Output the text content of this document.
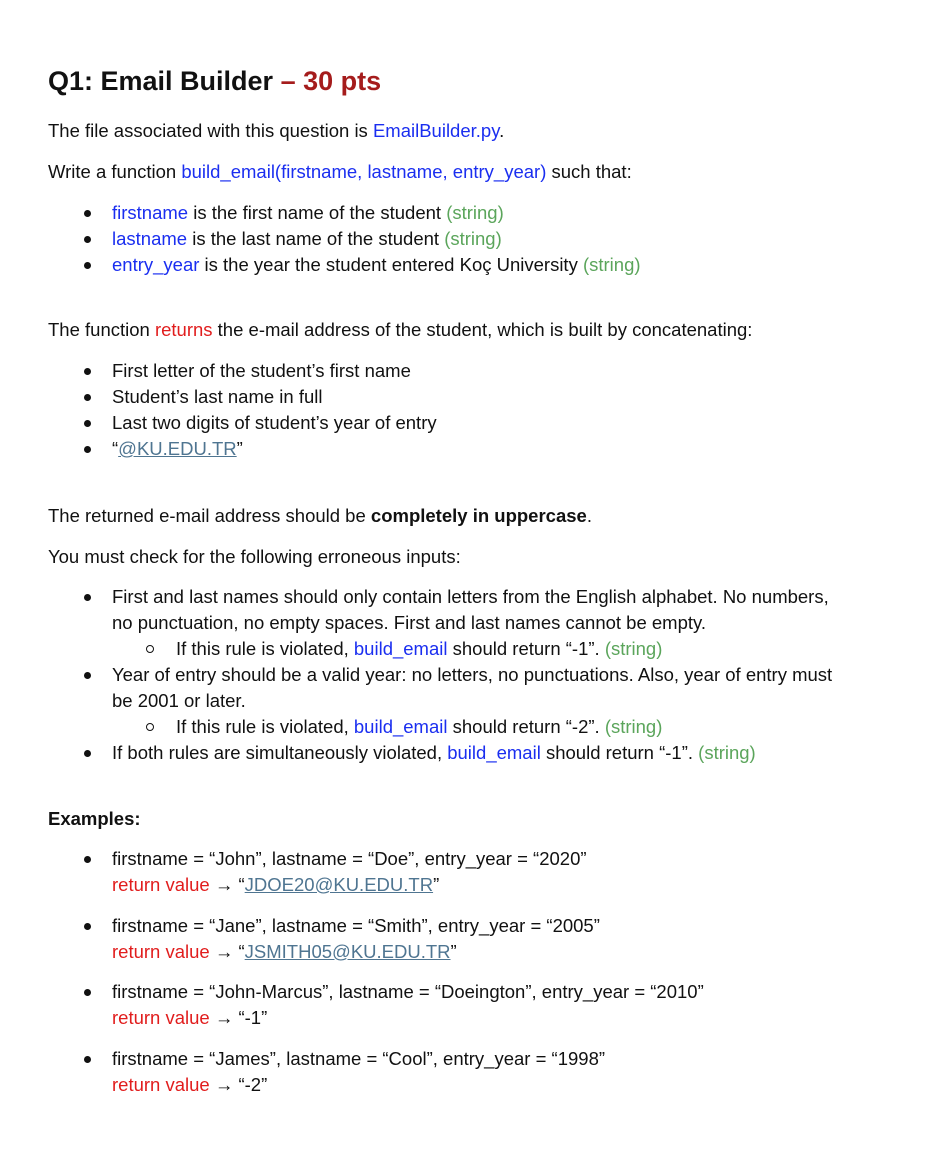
Q1: Email Builder – 30 pts
The file associated with this question is EmailBuilder.py.
Write a function build_email(firstname, lastname, entry_year) such that:
firstname is the first name of the student (string)
lastname is the last name of the student (string)
entry_year is the year the student entered Koç University (string)
The function returns the e-mail address of the student, which is built by concatenating:
First letter of the student’s first name
Student’s last name in full
Last two digits of student’s year of entry
“@KU.EDU.TR”
The returned e-mail address should be completely in uppercase.
You must check for the following erroneous inputs:
First and last names should only contain letters from the English alphabet. No numbers,
no punctuation, no empty spaces. First and last names cannot be empty.
If this rule is violated, build_email should return “-1”. (string)
Year of entry should be a valid year: no letters, no punctuations. Also, year of entry must
be 2001 or later.
If this rule is violated, build_email should return “-2”. (string)
If both rules are simultaneously violated, build_email should return “-1”. (string)
Examples:
firstname = “John”, lastname = “Doe”, entry_year = “2020”
return value → “JDOE20@KU.EDU.TR”
firstname = “Jane”, lastname = “Smith”, entry_year = “2005”
return value → “JSMITH05@KU.EDU.TR”
firstname = “John-Marcus”, lastname = “Doeington”, entry_year = “2010”
return value → “-1”
firstname = “James”, lastname = “Cool”, entry_year = “1998”
return value → “-2”
